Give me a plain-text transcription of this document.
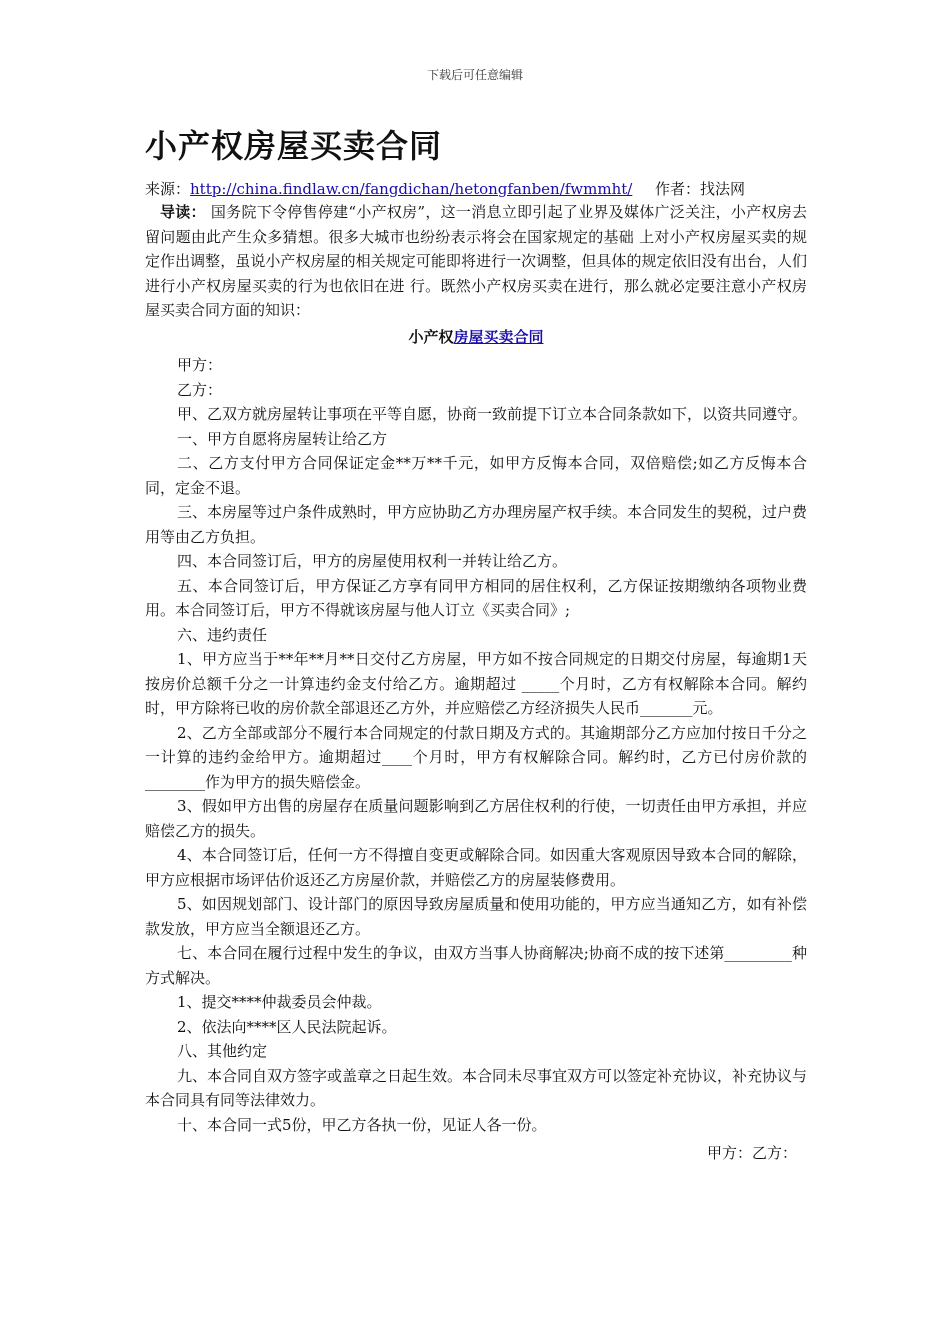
下载后可任意编辑
小产权房屋买卖合同
来源：http://china.findlaw.cn/fangdichan/hetongfanben/fwmmht/ 作者：找法网

导读： 国务院下令停售停建“小产权房”，这一消息立即引起了业界及媒体广泛关注，小产权房去留问题由此产生众多猜想。很多大城市也纷纷表示将会在国家规定的基础 上对小产权房屋买卖的规定作出调整，虽说小产权房屋的相关规定可能即将进行一次调整，但具体的规定依旧没有出台，人们进行小产权房屋买卖的行为也依旧在进 行。既然小产权房买卖在进行，那么就必定要注意小产权房屋买卖合同方面的知识：

小产权房屋买卖合同

甲方：

乙方：

甲、乙双方就房屋转让事项在平等自愿，协商一致前提下订立本合同条款如下，以资共同遵守。

一、甲方自愿将房屋转让给乙方

二、乙方支付甲方合同保证定金**万**千元，如甲方反悔本合同，双倍赔偿;如乙方反悔本合同，定金不退。

三、本房屋等过户条件成熟时，甲方应协助乙方办理房屋产权手续。本合同发生的契税，过户费用等由乙方负担。

四、本合同签订后，甲方的房屋使用权利一并转让给乙方。

五、本合同签订后，甲方保证乙方享有同甲方相同的居住权利，乙方保证按期缴纳各项物业费用。本合同签订后，甲方不得就该房屋与他人订立《买卖合同》;

六、违约责任

1、甲方应当于**年**月**日交付乙方房屋，甲方如不按合同规定的日期交付房屋，每逾期1天按房价总额千分之一计算违约金支付给乙方。逾期超过 _____个月时，乙方有权解除本合同。解约时，甲方除将已收的房价款全部退还乙方外，并应赔偿乙方经济损失人民币_______元。

2、乙方全部或部分不履行本合同规定的付款日期及方式的。其逾期部分乙方应加付按日千分之一计算的违约金给甲方。逾期超过____个月时，甲方有权解除合同。解约时，乙方已付房价款的________作为甲方的损失赔偿金。

3、假如甲方出售的房屋存在质量问题影响到乙方居住权利的行使，一切责任由甲方承担，并应赔偿乙方的损失。

4、本合同签订后，任何一方不得擅自变更或解除合同。如因重大客观原因导致本合同的解除，甲方应根据市场评估价返还乙方房屋价款，并赔偿乙方的房屋装修费用。

5、如因规划部门、设计部门的原因导致房屋质量和使用功能的，甲方应当通知乙方，如有补偿款发放，甲方应当全额退还乙方。

七、本合同在履行过程中发生的争议，由双方当事人协商解决;协商不成的按下述第_________种方式解决。

1、提交****仲裁委员会仲裁。

2、依法向****区人民法院起诉。

八、其他约定

九、本合同自双方签字或盖章之日起生效。本合同未尽事宜双方可以签定补充协议，补充协议与本合同具有同等法律效力。

十、本合同一式5份，甲乙方各执一份，见证人各一份。

甲方：乙方：
